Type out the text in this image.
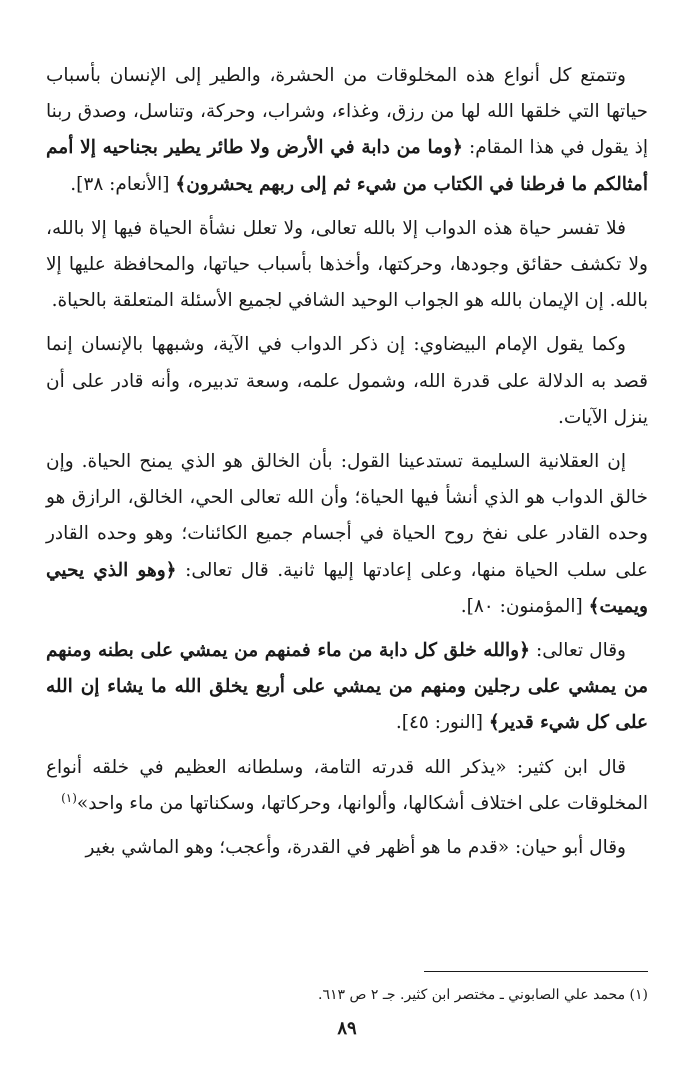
وتتمتع كل أنواع هذه المخلوقات من الحشرة، والطير إلى الإنسان بأسباب حياتها التي خلقها الله لها من رزق، وغذاء، وشراب، وحركة، وتناسل، وصدق ربنا إذ يقول في هذا المقام: ﴿وما من دابة في الأرض ولا طائر يطير بجناحيه إلا أمم أمثالكم ما فرطنا في الكتاب من شيء ثم إلى ربهم يحشرون﴾ [الأنعام: ٣٨].

فلا تفسر حياة هذه الدواب إلا بالله تعالى، ولا تعلل نشأة الحياة فيها إلا بالله، ولا تكشف حقائق وجودها، وحركتها، وأخذها بأسباب حياتها، والمحافظة عليها إلا بالله. إن الإيمان بالله هو الجواب الوحيد الشافي لجميع الأسئلة المتعلقة بالحياة.

وكما يقول الإمام البيضاوي: إن ذكر الدواب في الآية، وشبهها بالإنسان إنما قصد به الدلالة على قدرة الله، وشمول علمه، وسعة تدبيره، وأنه قادر على أن ينزل الآيات.

إن العقلانية السليمة تستدعينا القول: بأن الخالق هو الذي يمنح الحياة. وإن خالق الدواب هو الذي أنشأ فيها الحياة؛ وأن الله تعالى الحي، الخالق، الرازق هو وحده القادر على نفخ روح الحياة في أجسام جميع الكائنات؛ وهو وحده القادر على سلب الحياة منها، وعلى إعادتها إليها ثانية. قال تعالى: ﴿وهو الذي يحيي ويميت﴾ [المؤمنون: ٨٠].

وقال تعالى: ﴿والله خلق كل دابة من ماء فمنهم من يمشي على بطنه ومنهم من يمشي على رجلين ومنهم من يمشي على أربع يخلق الله ما يشاء إن الله على كل شيء قدير﴾ [النور: ٤٥].

قال ابن كثير: «يذكر الله قدرته التامة، وسلطانه العظيم في خلقه أنواع المخلوقات على اختلاف أشكالها، وألوانها، وحركاتها، وسكناتها من ماء واحد»$^{(١)}$

وقال أبو حيان: «قدم ما هو أظهر في القدرة، وأعجب؛ وهو الماشي بغير

(١) محمد علي الصابوني ـ مختصر ابن كثير. جـ ٢ ص ٦١٣.
٨٩
